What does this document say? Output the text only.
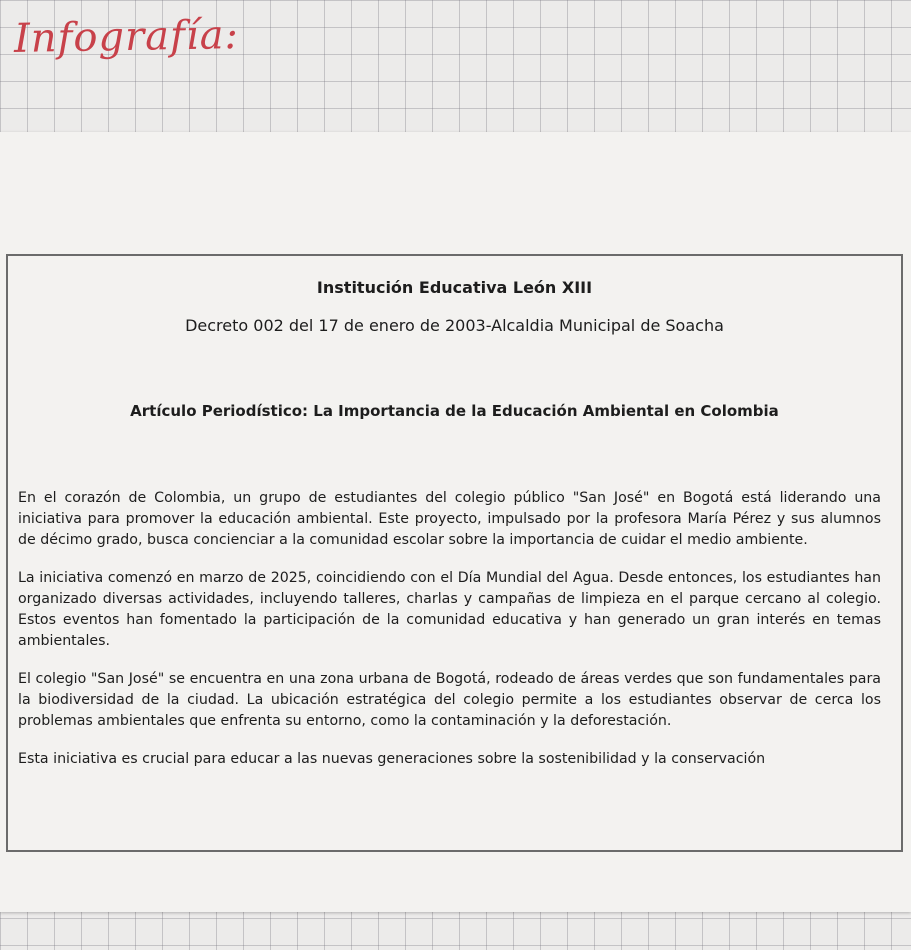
Infografía:
Institución Educativa León XIII
Decreto 002 del 17 de enero de 2003-Alcaldia Municipal de Soacha
Artículo Periodístico: La Importancia de la Educación Ambiental en Colombia

En el corazón de Colombia, un grupo de estudiantes del colegio público "San José" en Bogotá está liderando una iniciativa para promover la educación ambiental. Este proyecto, impulsado por la profesora María Pérez y sus alumnos de décimo grado, busca concienciar a la comunidad escolar sobre la importancia de cuidar el medio ambiente.

La iniciativa comenzó en marzo de 2025, coincidiendo con el Día Mundial del Agua. Desde entonces, los estudiantes han organizado diversas actividades, incluyendo talleres, charlas y campañas de limpieza en el parque cercano al colegio. Estos eventos han fomentado la participación de la comunidad educativa y han generado un gran interés en temas ambientales.

El colegio "San José" se encuentra en una zona urbana de Bogotá, rodeado de áreas verdes que son fundamentales para la biodiversidad de la ciudad. La ubicación estratégica del colegio permite a los estudiantes observar de cerca los problemas ambientales que enfrenta su entorno, como la contaminación y la deforestación.

Esta iniciativa es crucial para educar a las nuevas generaciones sobre la sostenibilidad y la conservación
